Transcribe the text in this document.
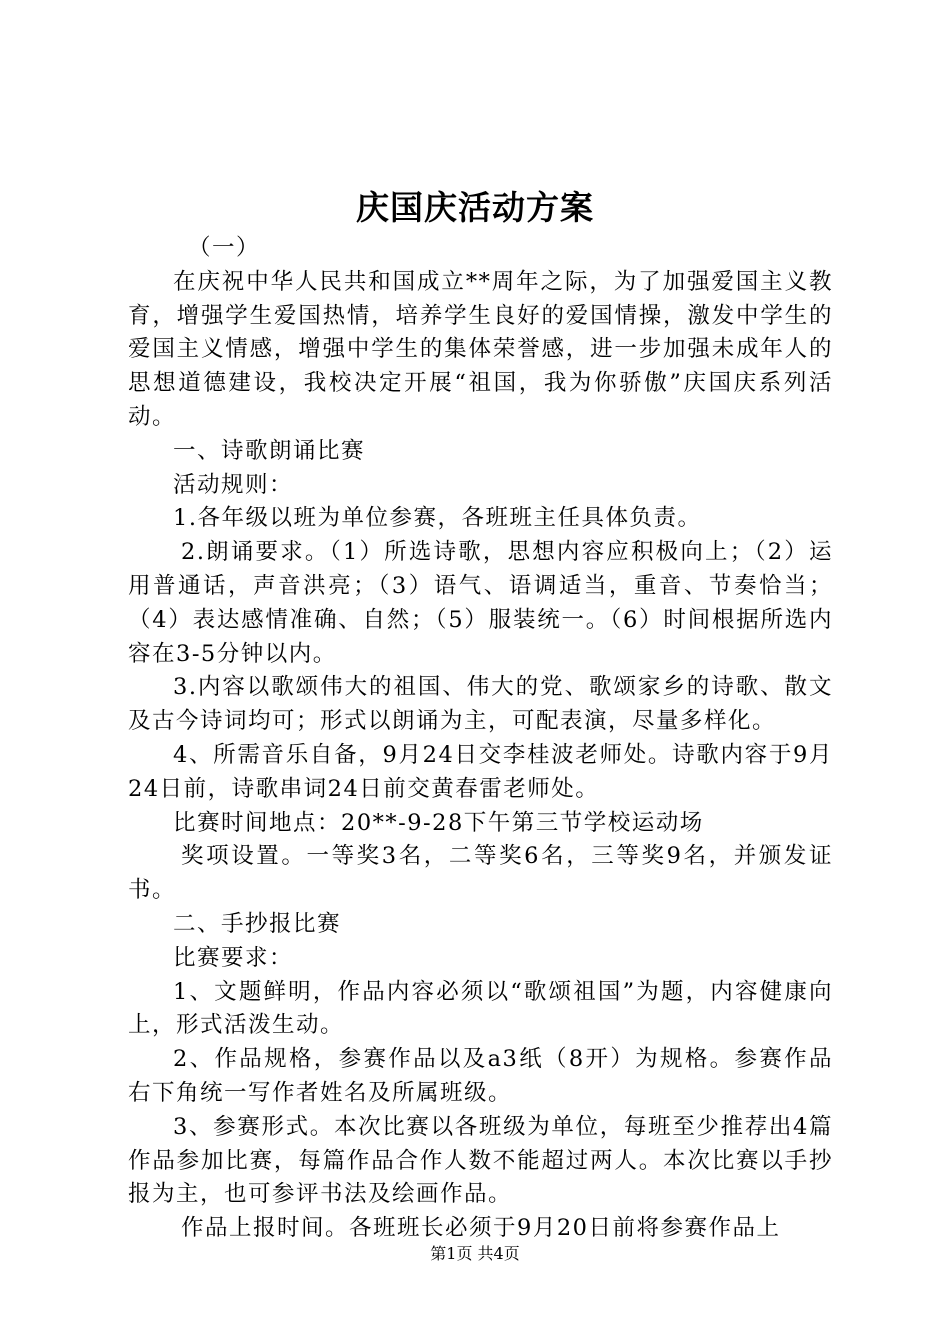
庆国庆活动方案

（一）

在庆祝中华人民共和国成立**周年之际，为了加强爱国主义教育，增强学生爱国热情，培养学生良好的爱国情操，激发中学生的爱国主义情感，增强中学生的集体荣誉感，进一步加强未成年人的思想道德建设，我校决定开展“祖国，我为你骄傲”庆国庆系列活动。

一、诗歌朗诵比赛

活动规则：

1.各年级以班为单位参赛，各班班主任具体负责。

2.朗诵要求。（1）所选诗歌，思想内容应积极向上；（2）运用普通话，声音洪亮；（3）语气、语调适当，重音、节奏恰当；（4）表达感情准确、自然；（5）服装统一。（6）时间根据所选内容在3-5分钟以内。

3.内容以歌颂伟大的祖国、伟大的党、歌颂家乡的诗歌、散文及古今诗词均可；形式以朗诵为主，可配表演，尽量多样化。

4、所需音乐自备，9月24日交李桂波老师处。诗歌内容于9月24日前，诗歌串词24日前交黄春雷老师处。

比赛时间地点：20**-9-28下午第三节学校运动场

奖项设置。一等奖3名，二等奖6名，三等奖9名，并颁发证书。

二、手抄报比赛

比赛要求：

1、文题鲜明，作品内容必须以“歌颂祖国”为题，内容健康向上，形式活泼生动。

2、作品规格，参赛作品以及a3纸（8开）为规格。参赛作品右下角统一写作者姓名及所属班级。

3、参赛形式。本次比赛以各班级为单位，每班至少推荐出4篇作品参加比赛，每篇作品合作人数不能超过两人。本次比赛以手抄报为主，也可参评书法及绘画作品。

作品上报时间。各班班长必须于9月20日前将参赛作品上

第1页 共4页
